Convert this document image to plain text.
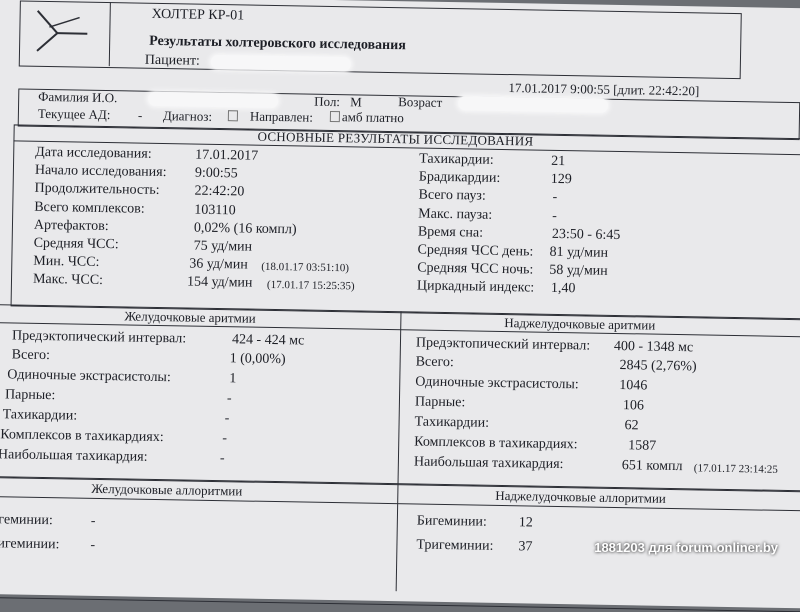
ХОЛТЕР КР-01
Результаты холтеровского исследования
Пациент:
17.01.2017 9:00:55 [длит. 22:42:20]
Фамилия И.О.	Пол: М	Возраст
Текущее АД: - Диагноз:	Направлен: амб платно
ОСНОВНЫЕ РЕЗУЛЬТАТЫ ИССЛЕДОВАНИЯ
Дата исследования:	17.01.2017
Начало исследования: 9:00:55
Продолжительность: 22:42:20
Всего комплексов:	103110
Артефактов:	0,02% (16 компл)
Средняя ЧСС:	75 уд/мин
Мин. ЧСС:	36 уд/мин (18.01.17 03:51:10)
Макс. ЧСС:	154 уд/мин (17.01.17 15:25:35)
Тахикардии:	21
Брадикардии:	129
Всего пауз:	-
Макс. пауза:	-
Время сна:	23:50 - 6:45
Средняя ЧСС день: 81 уд/мин
Средняя ЧСС ночь: 58 уд/мин
Циркадный индекс: 1,40
Желудочковые аритмии	Наджелудочковые аритмии
Предэктопический интервал:	424 - 424 мс
Всего:	1 (0,00%)
Одиночные экстрасистолы:	1
Парные:	-
Тахикардии:	-
Комплексов в тахикардиях:	-
Наибольшая тахикардия:	-
Предэктопический интервал: 400 - 1348 мс
Всего:	2845 (2,76%)
Одиночные экстрасистолы:	1046
Парные:	106
Тахикардии:	62
Комплексов в тахикардиях:	1587
Наибольшая тахикардия:	651 компл (17.01.17 23:14:25
Желудочковые аллоритмии	Наджелудочковые аллоритмии
Бигеминии:	-
Тригеминии: -
Бигеминии: 12
Тригеминии: 37
1881203 для forum.onliner.by
